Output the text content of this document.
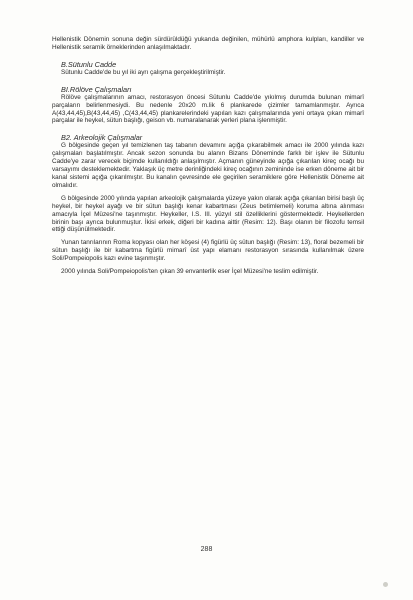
Hellenistik Dönemin sonuna değin sürdürüldüğü yukarıda değinilen, mühürlü amphora kulpları, kandiller ve Hellenistik seramik örneklerinden anlaşılmaktadır.

B.Sütunlu Cadde

Sütunlu Cadde'de bu yıl iki ayrı çalışma gerçekleştirilmiştir.

BI.Rölöve Çalışmaları

Rölöve çalışmalarının amacı, restorasyon öncesi Sütunlu Cadde'de yıkılmış durumda bulunan mimarî parçaların belirlenmesiydi. Bu nedenle 20x20 m.lik 6 plankarede çizimler tamamlanmıştır. Ayrıca A(43,44,45),B(43,44,45) ,C(43,44,45) plankarelerindeki yapılan kazı çalışmalarında yeni ortaya çıkan mimarî parçalar ile heykel, sütun başlığı, geison vb. numaralanarak yerleri plana işlenmiştir.

B2. Arkeolojik Çalışmalar

G bölgesinde geçen yıl temizlenen taş tabanın devamını açığa çıkarabilmek amacı ile 2000 yılında kazı çalışmaları başlatılmıştır. Ancak sezon sonunda bu alanın Bizans Döneminde farklı bir işlev ile Sütunlu Cadde'ye zarar verecek biçimde kullanıldığı anlaşılmıştır. Açmanın güneyinde açığa çıkarılan kireç ocağı bu varsayımı desteklemektedir. Yaklaşık üç metre derinliğindeki kireç ocağının zemininde ise erken döneme ait bir kanal sistemi açığa çıkarılmıştır. Bu kanalın çevresinde ele geçirilen seramiklere göre Hellenistik Döneme ait olmalıdır.

G bölgesinde 2000 yılında yapılan arkeolojik çalışmalarda yüzeye yakın olarak açığa çıkarılan birisi başlı üç heykel, bir heykel ayağı ve bir sütun başlığı kenar kabartması (Zeus betimlemeli) koruma altına alınması amacıyla İçel Müzesi'ne taşınmıştır. Heykeller, I.S. III. yüzyıl stil özelliklerini göstermektedir. Heykellerden birinin başı ayrıca bulunmuştur. İkisi erkek, diğeri bir kadına aittir (Resim: 12). Başı olanın bir filozofu temsil ettiği düşünülmektedir.

Yunan tanrılarının Roma kopyası olan her köşesi (4) figürlü üç sütun başlığı (Resim: 13), floral bezemeli bir sütun başlığı ile bir kabartma figürlü mimarî üst yapı elamanı restorasyon sırasında kullanılmak üzere Soli/Pompeiopolis kazı evine taşınmıştır.

2000 yılında Soli/Pompeiopolis'ten çıkan 39 envanterlik eser İçel Müzesi'ne teslim edilmiştir.

288
